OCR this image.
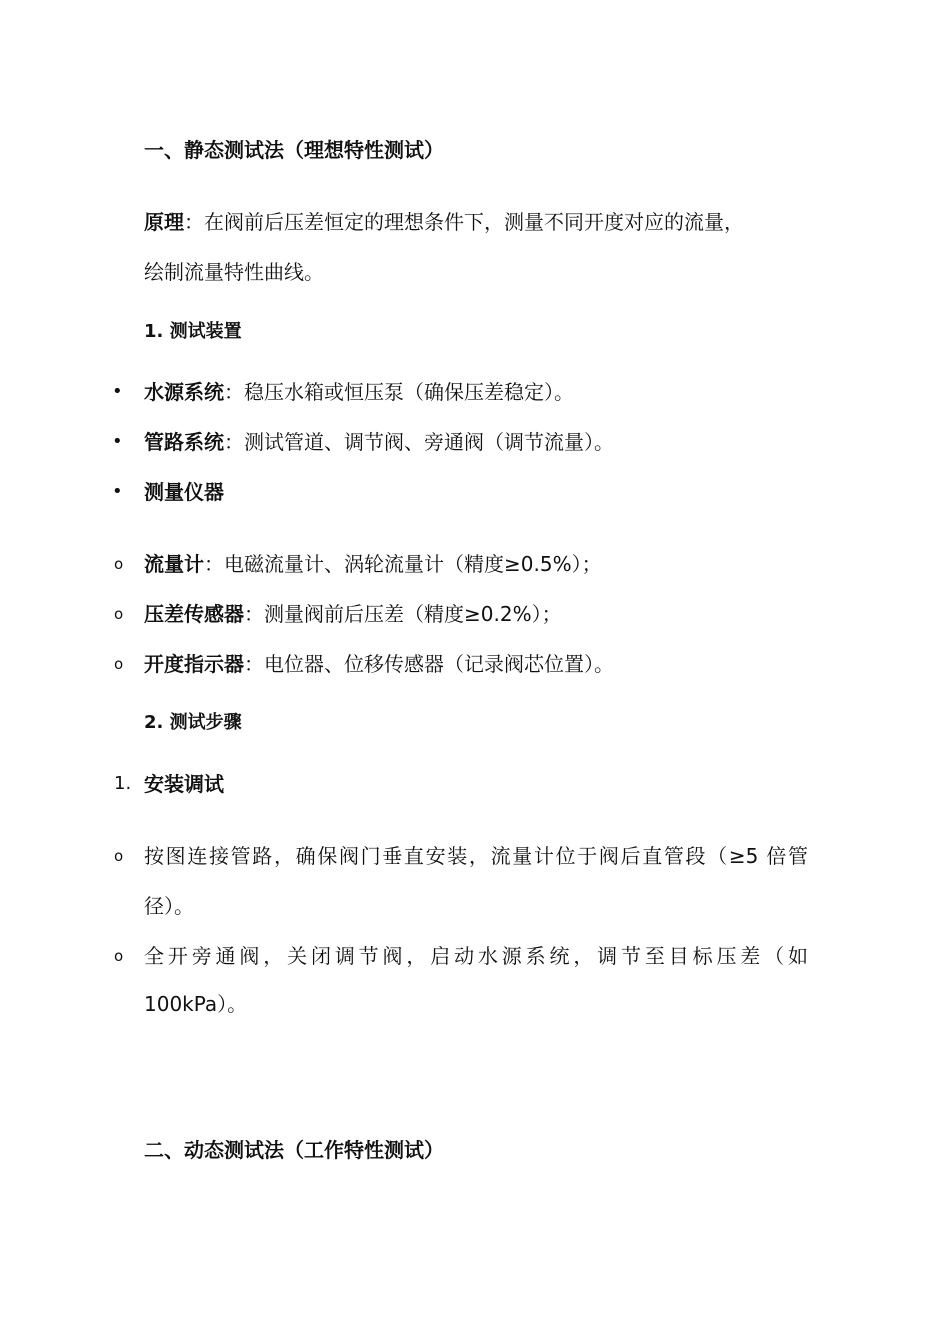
一、静态测试法（理想特性测试）
原理：在阀前后压差恒定的理想条件下，测量不同开度对应的流量，
绘制流量特性曲线。
1. 测试装置
• 水源系统：稳压水箱或恒压泵（确保压差稳定）。
• 管路系统：测试管道、调节阀、旁通阀（调节流量）。
• 测量仪器
o 流量计：电磁流量计、涡轮流量计（精度≥0.5%）；
o 压差传感器：测量阀前后压差（精度≥0.2%）；
o 开度指示器：电位器、位移传感器（记录阀芯位置）。
2. 测试步骤
1. 安装调试
o 按图连接管路，确保阀门垂直安装，流量计位于阀后直管段（≥5 倍管
径）。
o 全开旁通阀，关闭调节阀，启动水源系统，调节至目标压差（如
100kPa）。
二、动态测试法（工作特性测试）
